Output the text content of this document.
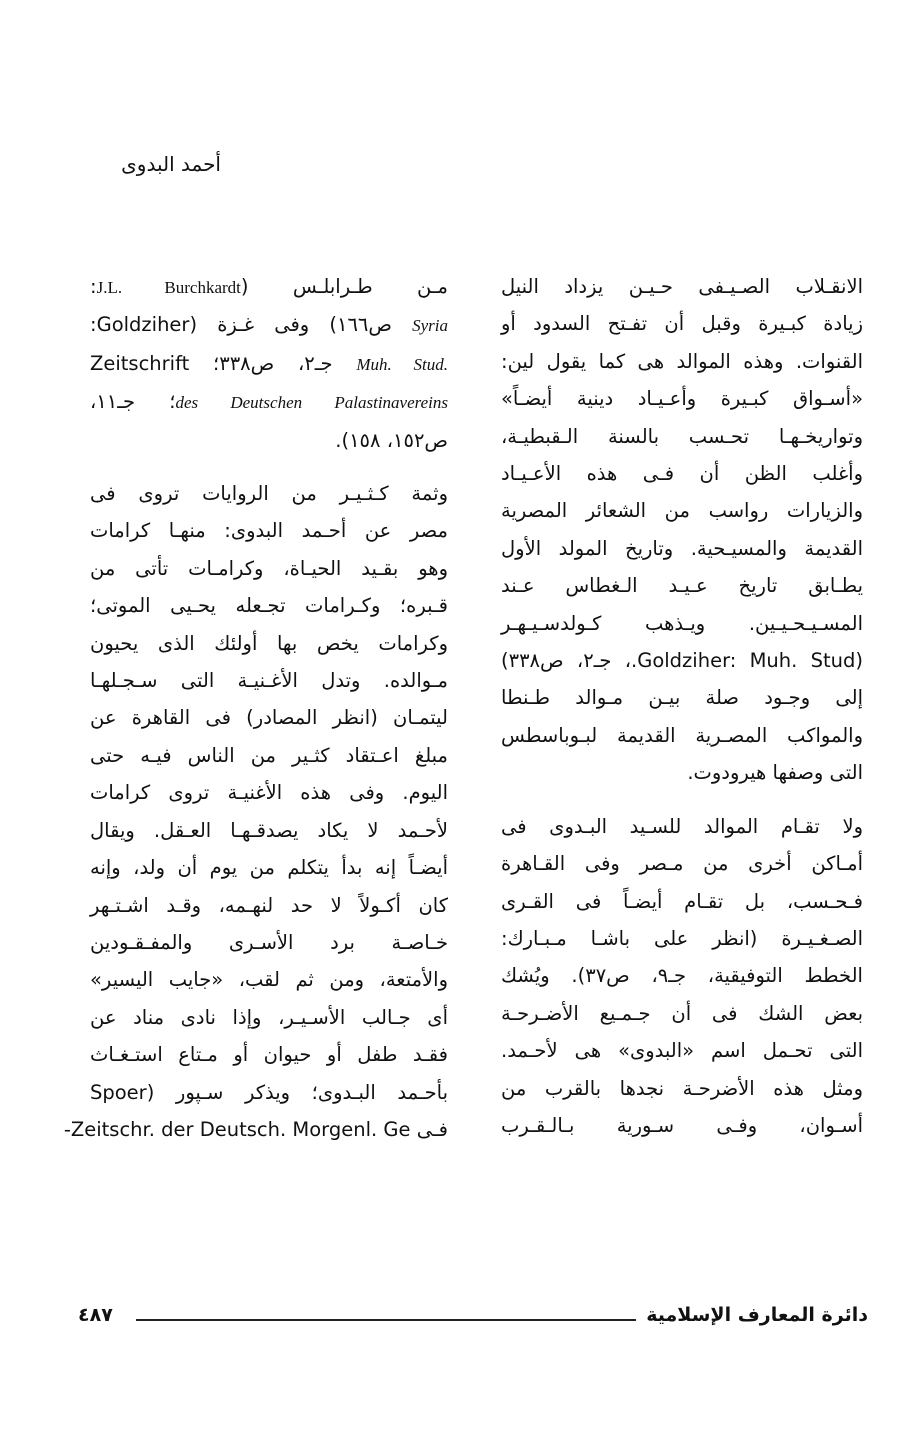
أحمد البدوى

الانقـلاب الصـيـفى حـيـن يزداد النيل
زيادة كبـيرة وقبل أن تفـتح السدود أو
القنوات. وهذه الموالد هى كما يقول لين:
«أسـواق كبـيرة وأعـيـاد دينية أيضـاً»
وتواريخـهـا تحـسب بالسنة الـقبطيـة،
وأغلب الظن أن فـى هذه الأعـيـاد
والزيارات رواسب من الشعائر المصرية
القديمة والمسيـحية. وتاريخ المولد الأول
يطـابق تاريخ عـيـد الـغطاس عـند
المسـيـحـيـين. ويـذهب كـولدسـيـهـر
(Goldziher: Muh. Stud.، جـ٢، ص٣٣٨)
إلى وجـود صلة بيـن مـوالد طـنطا
والمواكب المصـرية القديمة لبـوباسطس
التى وصفها هيرودوت.

ولا تقـام الموالد للسـيد البـدوى فى
أمـاكن أخرى من مـصر وفى القـاهرة
فـحـسب، بل تقـام أيضـاً فى القـرى
الصـغـيـرة (انظر على باشـا مـبـارك:
الخطط التوفيقية، جـ٩، ص٣٧). ويُشك
بعض الشك فى أن جـمـيع الأضـرحـة
التى تحـمل اسم «البدوى» هى لأحـمد.
ومثل هذه الأضرحـة نجدها بالقرب من
أسـوان، وفـى سـورية بـالـقـرب

مـن طـرابلـس (J.L. Burchkardt:
Syria ص١٦٦) وفى غـزة (Goldziher:
Muh. Stud. جـ٢، ص٣٣٨؛ Zeitschrift
des Deutschen Palastinavereins؛ جـ١١،
ص١٥٢، ١٥٨).

وثمة كـثـيـر من الروايات تروى فى
مصر عن أحـمد البدوى: منهـا كرامات
وهو بقـيد الحيـاة، وكرامـات تأتى من
قـبره؛ وكـرامات تجـعله يحـيى الموتى؛
وكرامات يخص بها أولئك الذى يحيون
مـوالده. وتدل الأغـنيـة التى سـجـلهـا
ليتمـان (انظر المصادر) فى القاهرة عن
مبلغ اعـتقاد كثـير من الناس فيـه حتى
اليوم. وفى هذه الأغنيـة تروى كرامات
لأحـمد لا يكاد يصدقـهـا العـقل. ويقال
أيضـاً إنه بدأ يتكلم من يوم أن ولد، وإنه
كان أكـولاً لا حد لنهـمه، وقـد اشـتـهر
خـاصـة برد الأسـرى والمفـقـودين
والأمتعة، ومن ثم لقب، «جايب اليسير»
أى جـالب الأسـيـر، وإذا نادى مناد عن
فقـد طفل أو حيوان أو مـتاع استـغـاث
بأحـمد البـدوى؛ ويذكر سـپور (Spoer
فـى Zeitschr. der Deutsch. Morgenl. Ge-

دائرة المعارف الإسلامية
٤٨٧
